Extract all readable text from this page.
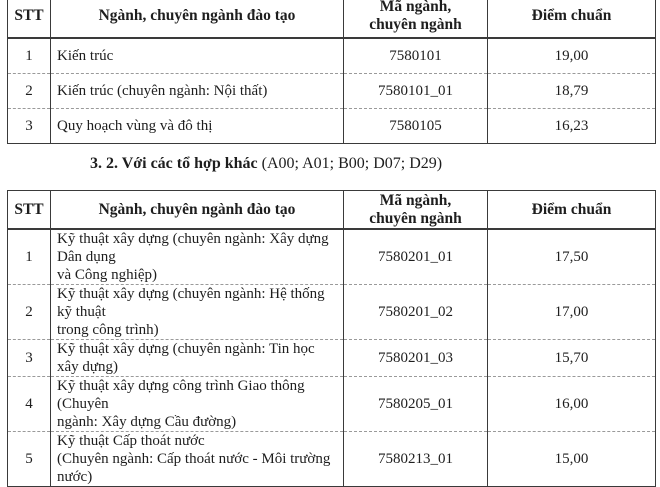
STT	Ngành, chuyên ngành đào tạo	Mã ngành,
chuyên ngành	Điểm chuẩn
1	Kiến trúc	7580101	19,00
2	Kiến trúc (chuyên ngành: Nội thất)	7580101_01	18,79
3	Quy hoạch vùng và đô thị	7580105	16,23
3. 2. Với các tổ hợp khác (A00; A01; B00; D07; D29)
STT	Ngành, chuyên ngành đào tạo	Mã ngành,
chuyên ngành	Điểm chuẩn
1	Kỹ thuật xây dựng (chuyên ngành: Xây dựng Dân dụng
và Công nghiệp)	7580201_01	17,50
2	Kỹ thuật xây dựng (chuyên ngành: Hệ thống kỹ thuật
trong công trình)	7580201_02	17,00
3	Kỹ thuật xây dựng (chuyên ngành: Tin học xây dựng)	7580201_03	15,70
4	Kỹ thuật xây dựng công trình Giao thông (Chuyên
ngành: Xây dựng Cầu đường)	7580205_01	16,00
5	Kỹ thuật Cấp thoát nước
(Chuyên ngành: Cấp thoát nước - Môi trường nước)	7580213_01	15,00
